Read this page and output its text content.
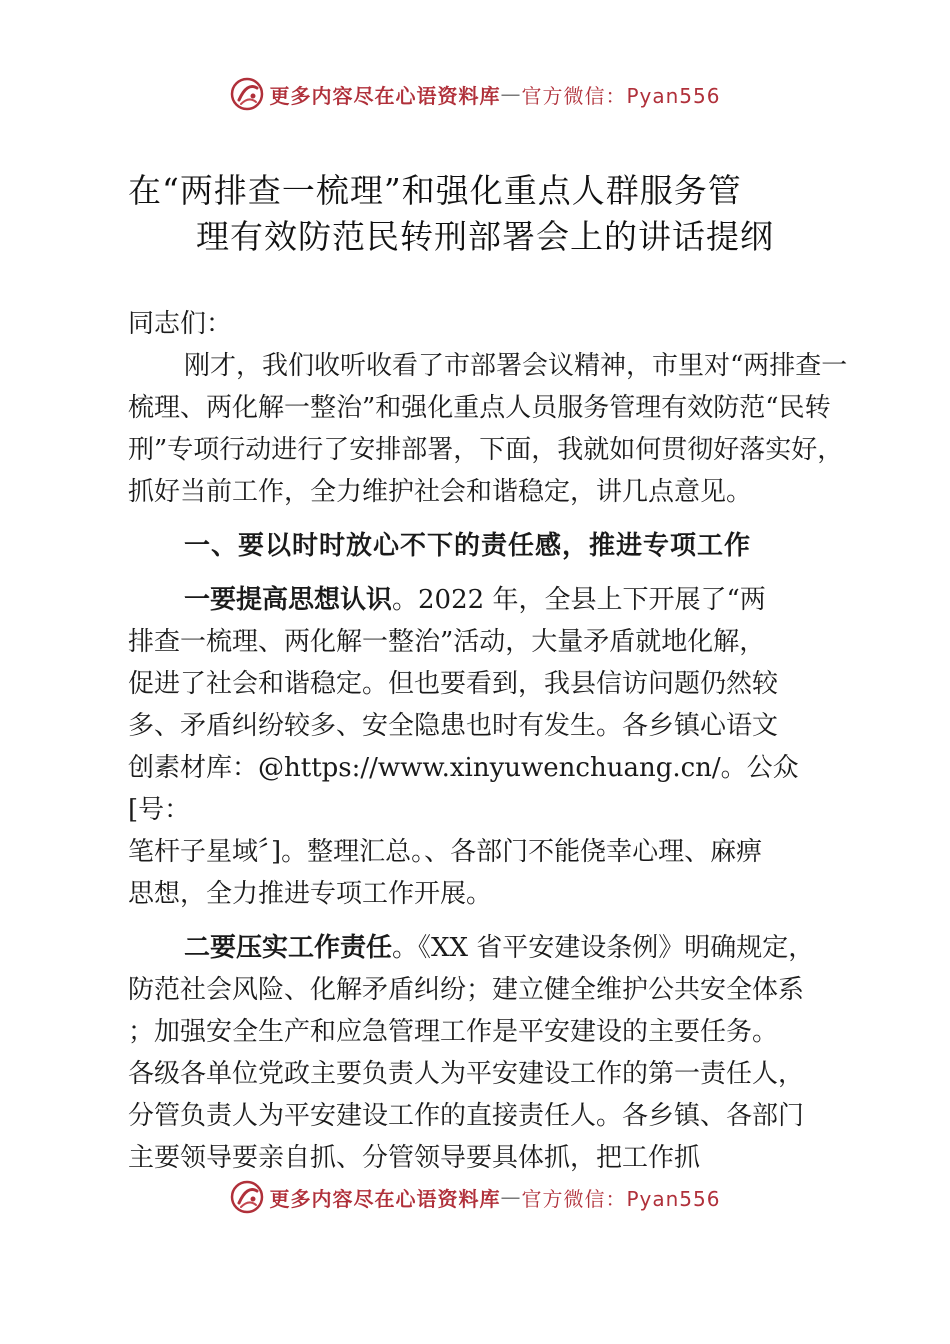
更多内容尽在心语资料库 — 官方微信：Pyan556
在“两排查一梳理”和强化重点人群服务管
理有效防范民转刑部署会上的讲话提纲

同志们：

刚才，我们收听收看了市部署会议精神，市里对“两排查一梳理、两化解一整治”和强化重点人员服务管理有效防范“民转刑”专项行动进行了安排部署，下面，我就如何贯彻好落实好，抓好当前工作，全力维护社会和谐稳定，讲几点意见。

一、要以时时放心不下的责任感，推进专项工作

一要提高思想认识。2022 年，全县上下开展了“两
排查一梳理、两化解一整治”活动，大量矛盾就地化解，
促进了社会和谐稳定。但也要看到，我县信访问题仍然较
多、矛盾纠纷较多、安全隐患也时有发生。各乡镇心语文
创素材库：@https://www.xinyuwenchuang.cn/。公众[号：
笔杆子星域〞]。整理汇总。、各部门不能侥幸心理、麻痹
思想，全力推进专项工作开展。

二要压实工作责任。《XX 省平安建设条例》明确规定，
防范社会风险、化解矛盾纠纷；建立健全维护公共安全体系
；加强安全生产和应急管理工作是平安建设的主要任务。
各级各单位党政主要负责人为平安建设工作的第一责任人，
分管负责人为平安建设工作的直接责任人。各乡镇、各部门
主要领导要亲自抓、分管领导要具体抓，把工作抓

更多内容尽在心语资料库 — 官方微信：Pyan556
